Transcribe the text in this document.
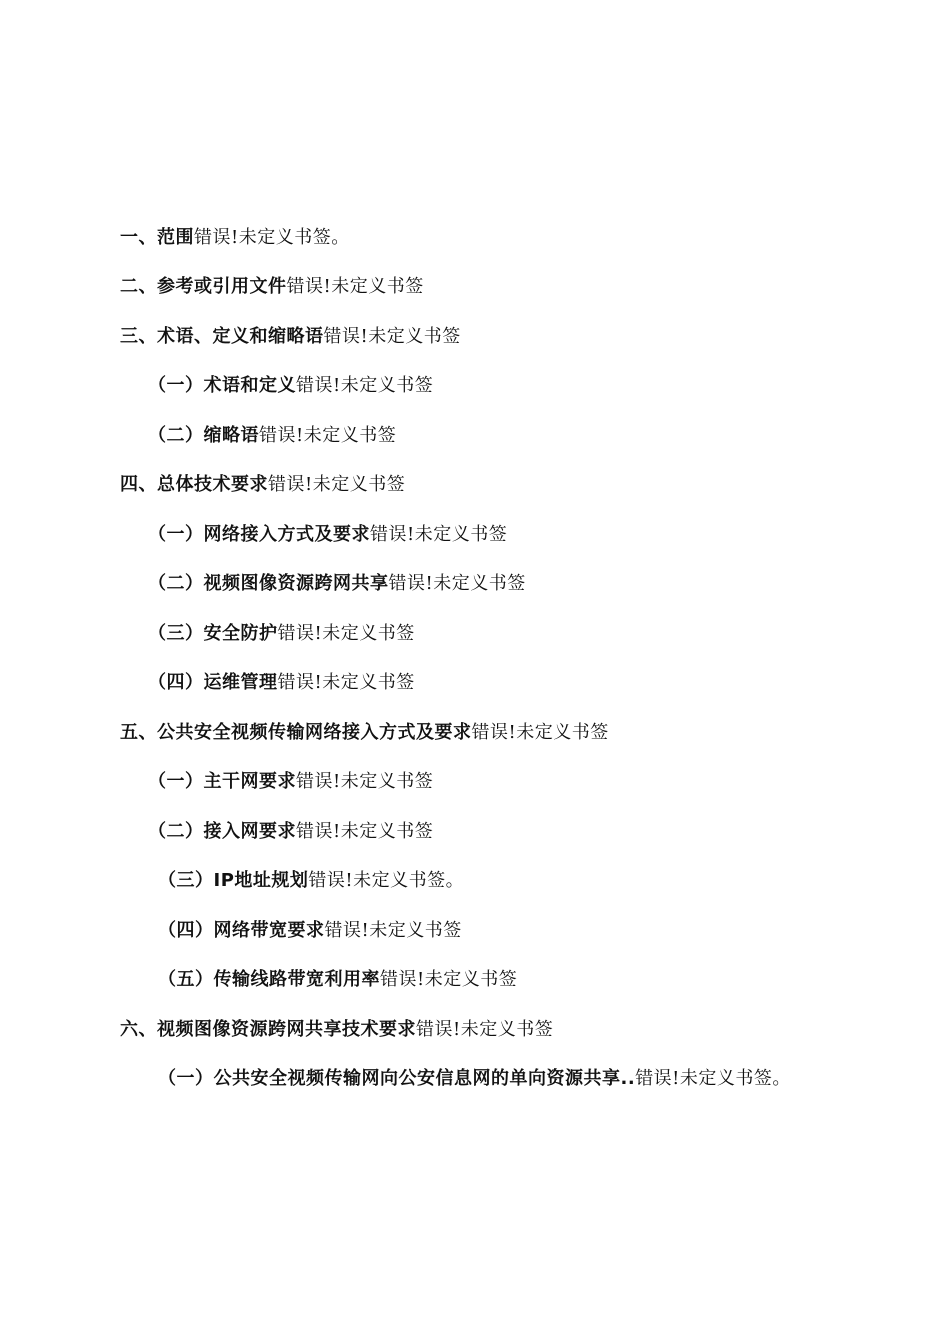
一、范围 错误!未定义书签。
二、参考或引用文件 错误!未定义书签
三、术语、定义和缩略语 错误!未定义书签
（一）术语和定义 错误!未定义书签
（二）缩略语 错误!未定义书签
四、总体技术要求 错误!未定义书签
（一）网络接入方式及要求 错误!未定义书签
（二）视频图像资源跨网共享 错误!未定义书签
（三）安全防护 错误!未定义书签
（四）运维管理 错误!未定义书签
五、公共安全视频传输网络接入方式及要求 错误!未定义书签
（一）主干网要求 错误!未定义书签
（二）接入网要求 错误!未定义书签
（三）IP地址规划 错误!未定义书签。
（四）网络带宽要求 错误!未定义书签
（五）传输线路带宽利用率 错误!未定义书签
六、视频图像资源跨网共享技术要求 错误!未定义书签
（一）公共安全视频传输网向公安信息网的单向资源共享.. 错误!未定义书签。
